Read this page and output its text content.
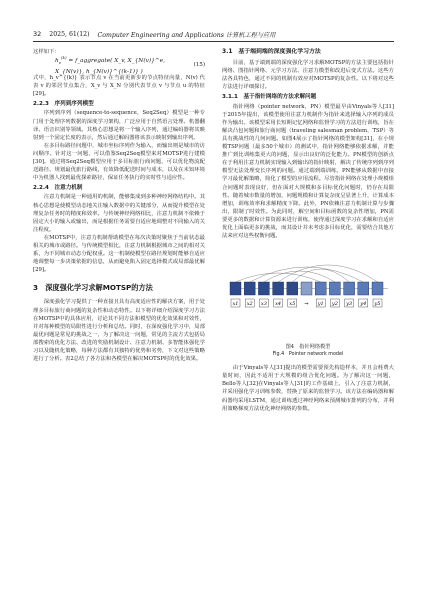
32 2025, 61(12) Computer Engineering and Applications 计算机工程与应用

这样如下：

$h_v^{(k)}$ = f_aggregate( X_v, X_{N(v)}^e, X_{N(v)}, h_{N(v)}^{(k-1)} )
(15)

式中，h_v^{(k)} 表示节点 v 在当前更新步的节点特征向量，N(v) 代表 v 的邻居节点集合，X_v 与 X_N 分别代表节点 v 与节点 u 的特征[29]。

2.2.3　序列到序列模型

序列到序列（sequence-to-sequence，Seq2Seq）模型是一种专门用于处理序列数据的深度学习架构，广泛应用于自然语言处理、机器翻译、语音识别等领域。其核心思想是将一个输入序列，通过编码器将其映射到一个固定长度的表示，然后通过解码器将该表示映射到输出序列。

在多目标路径问题中，城市坐标序列作为输入，而输出则是城市的访问顺序。针对这一问题，可以借鉴Seq2Seq模型来对MOTSP进行建模[30]。通过将Seq2Seq模型应用于多目标旅行商问题，可以优化物流配送路径、规划最优旅行路线，有效降低配送时间与成本，以及在未知环境中为机器人找到最优探索路径，保证任务执行的实时性与适应性。

2.2.4　注意力机制

注意力机制是一种通用的机制，能够集成到多种神经网络结构中。其核心思想是使模型动态地关注输入数据中的关键部分，从而提升模型在处理复杂任务时的精度和效率。与传统神经网络相比，注意力机制不依赖于固定大小的输入或输出，而是根据任务需要自适应地调整对不同输入的关注程度。

在MOTSP中，注意力机制帮助模型在每次决策时聚焦于当前状态最相关的城市或路径。与传统模型相比，注意力机制根据城市之间的相对关系，为不同城市动态分配权重。这一机制使模型在路径规划时能够自适应地调整每一步决策依据的信息，从而避免陷入固定选择模式或局部最优解[29]。

3　深度强化学习求解MOTSP的方法

深度强化学习提供了一种直接且具有高度适应性的解决方案，用于处理多目标旅行商问题的复杂性和动态特性。以下将详细介绍深度学习方法在MOTSP中的具体应用，讨论其不同方法和模型的优化效果和对效性，并对每种模型的局限性进行分析和总结。同时，在深度强化学习中，局部最优问题是常见的挑战之一，为了解决这一问题，常见的主流方式包括局部搜索的优化方法、改进的奖励机制设计、注意力机制、多智能体强化学习以及随机化策略，每种方法都有其独特的优势和劣势，下文对这些策略进行了分析。表2总结了各方法和各模型在解决MOTSP时的优化效果。

3.1　基于端到端的深度强化学习方法

目前，基于端到端的深度强化学习求解MOTSP的方法主要包括指针网络、图指针网络、元学习方法、注意力模型和改进后变式方法。这些方法各具特色，通过不同的机制有效应对MOTSP的复杂性。以下将对这些方法进行详细探讨。

3.1.1　基于指针网络的方法求解问题

指针网络（pointer network，PN）模型最早由Vinyals等人[31]于2015年提出，该模型使用注意力机制作为指针来选择输入序列的成员作为输出。该模型采用长短期记忆网络和监督学习的方法进行训练，旨在解决凸包问题和旅行商问题（traveling salesman problem，TSP）等具有挑战性的几何问题。如图4展示了指针网络的模型架构[31]，在小规模TSP问题（最多50个城市）的测试中，指针网络能够依据求解，并能推广到比训练集更大的问题，显示出良好的泛化能力。PN模型的创新点在于利用注意力机制实现输入到输出的指针映射，解决了传统序列到序列模型无法处理变长序列的问题。通过端到端训练，PN能够从数据中直接学习最优解策略，简化了模型的应用流程。尽管指针网络在处理小规模组合问题时表现良好，但在面对大规模和多目标优化问题时，仍存在局限性。随着城市数量的增加，问题规模和计算复杂度呈显著上升，计算成本增加，训练效率和求解精度下降。此外，PN依赖注意力机制计算与步骤出，限制了时效性。为此同时，解空间和目标函数的复杂性增加，PN需要更多的数据和计算资源来进行训练，使得通过深度学习在求解和自适应优化上面临更多的挑战，而其设计并未考虑多目标优化，需要结合其他方法来应对这些权衡问题。

x1 x2 x3 x4 x5 ⇒ y1 y2 y3 y4 y5
图4　指针网络模型
Fig.4　Pointer network model

由于Vinyals等人[31]提出的模型需要预先构造样本，并且会耗费大量时间，因此不适用于大规模的组合优化问题。为了解决这一问题，Bello等人[32]在Vinyals等人[31]的工作基础上，引入了注意力机制，并采用强化学习训练参数，替换了原来的监督学习。该方法在编码器和解码器均采用LSTM，通过训练透过神经网络来预测城市排列的分布，并利用策略梯度方法优化神经网络的参数。
